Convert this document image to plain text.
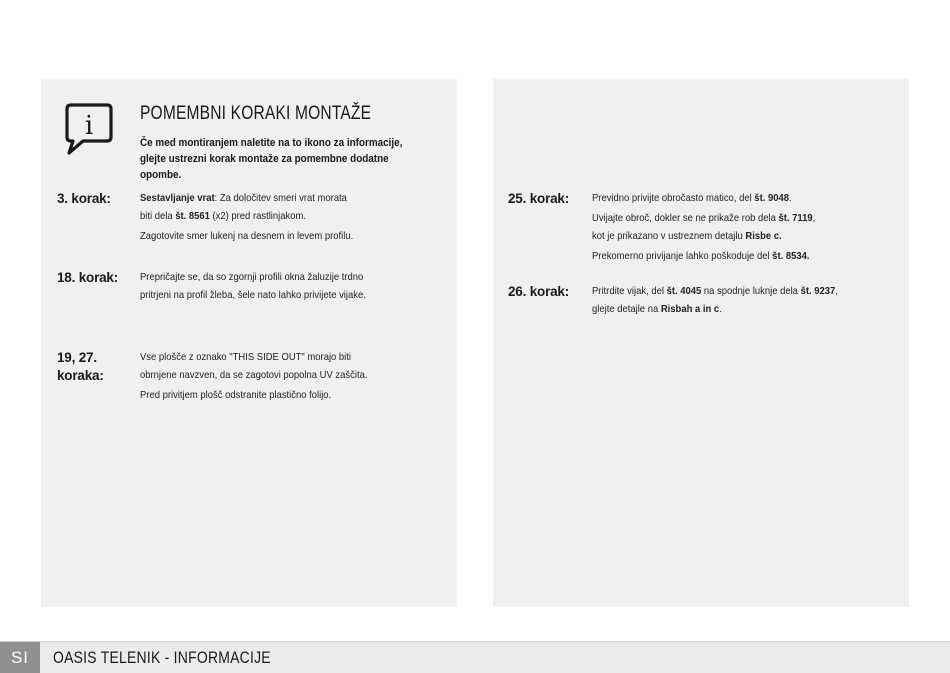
i POMEMBNI KORAKI MONTAŽE
Če med montiranjem naletite na to ikono za informacije,
glejte ustrezni korak montaže za pomembne dodatne opombe.
3. korak:	Sestavljanje vrat: Za določitev smeri vrat morata

biti dela št. 8561 (x2) pred rastlinjakom.

Zagotovite smer lukenj na desnem in levem profilu.

18. korak: Prepričajte se, da so zgornji profili okna žaluzije trdno

pritrjeni na profil žleba, šele nato lahko privijete vijake.

19, 27.
koraka:

Vse plošče z oznako "THIS SIDE OUT" morajo biti

obrnjene navzven, da se zagotovi popolna UV zaščita.

Pred privitjem plošč odstranite plastično folijo.

25. korak: Previdno privijte obročasto matico, del št. 9048.

Uvijajte obroč, dokler se ne prikaže rob dela št. 7119,

kot je prikazano v ustreznem detajlu Risbe c.

Prekomerno privijanje lahko poškoduje del št. 8534.

26. korak: Pritrdite vijak, del št. 4045 na spodnje luknje dela št. 9237,

glejte detajle na Risbah a in c.

SI	OASIS TELENIK - INFORMACIJE
